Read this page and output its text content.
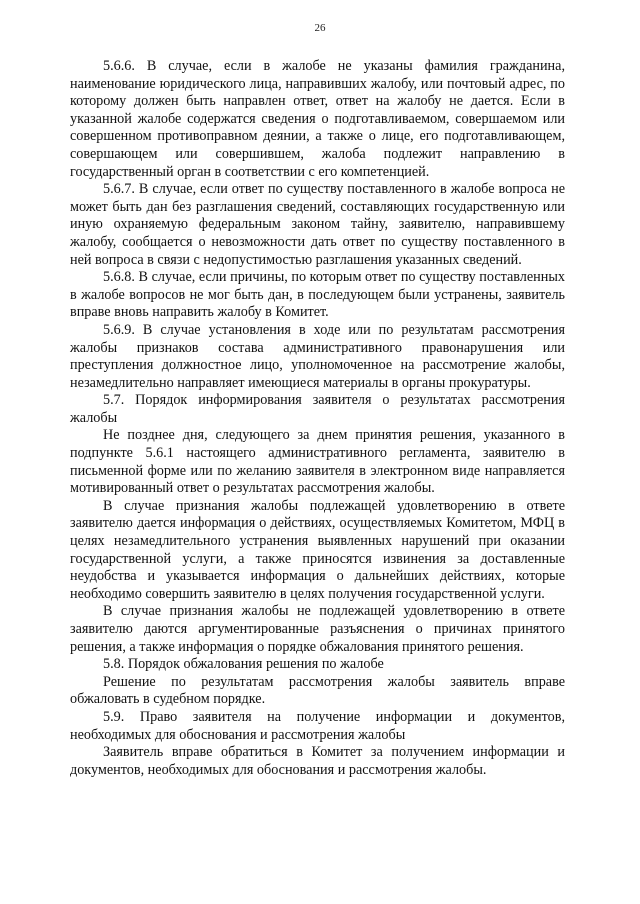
26

5.6.6. В случае, если в жалобе не указаны фамилия гражданина, наименование юридического лица, направивших жалобу, или почтовый адрес, по которому должен быть направлен ответ, ответ на жалобу не дается. Если в указанной жалобе содержатся сведения о подготавливаемом, совершаемом или совершенном противоправном деянии, а также о лице, его подготавливающем, совершающем или совершившем, жалоба подлежит направлению в государственный орган в соответствии с его компетенцией.

5.6.7. В случае, если ответ по существу поставленного в жалобе вопроса не может быть дан без разглашения сведений, составляющих государственную или иную охраняемую федеральным законом тайну, заявителю, направившему жалобу, сообщается о невозможности дать ответ по существу поставленного в ней вопроса в связи с недопустимостью разглашения указанных сведений.

5.6.8. В случае, если причины, по которым ответ по существу поставленных в жалобе вопросов не мог быть дан, в последующем были устранены, заявитель вправе вновь направить жалобу в Комитет.

5.6.9. В случае установления в ходе или по результатам рассмотрения жалобы признаков состава административного правонарушения или преступления должностное лицо, уполномоченное на рассмотрение жалобы, незамедлительно направляет имеющиеся материалы в органы прокуратуры.

5.7. Порядок информирования заявителя о результатах рассмотрения жалобы

Не позднее дня, следующего за днем принятия решения, указанного в подпункте 5.6.1 настоящего административного регламента, заявителю в письменной форме или по желанию заявителя в электронном виде направляется мотивированный ответ о результатах рассмотрения жалобы.

В случае признания жалобы подлежащей удовлетворению в ответе заявителю дается информация о действиях, осуществляемых Комитетом, МФЦ в целях незамедлительного устранения выявленных нарушений при оказании государственной услуги, а также приносятся извинения за доставленные неудобства и указывается информация о дальнейших действиях, которые необходимо совершить заявителю в целях получения государственной услуги.

В случае признания жалобы не подлежащей удовлетворению в ответе заявителю даются аргументированные разъяснения о причинах принятого решения, а также информация о порядке обжалования принятого решения.

5.8. Порядок обжалования решения по жалобе

Решение по результатам рассмотрения жалобы заявитель вправе обжаловать в судебном порядке.

5.9. Право заявителя на получение информации и документов, необходимых для обоснования и рассмотрения жалобы

Заявитель вправе обратиться в Комитет за получением информации и документов, необходимых для обоснования и рассмотрения жалобы.
